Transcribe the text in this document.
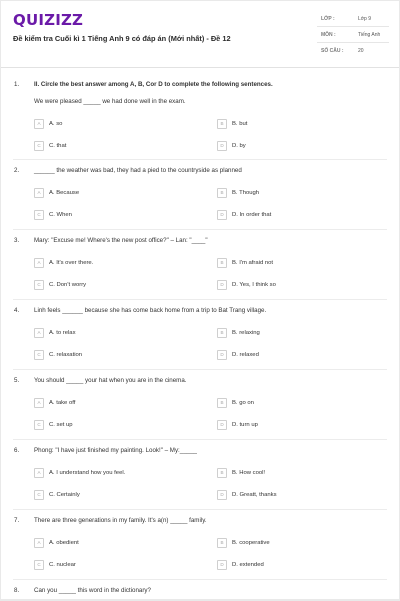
QUIZIZZ
Đề kiểm tra Cuối kì 1 Tiếng Anh 9 có đáp án (Mới nhất) - Đề 12
LỚP :	Lớp 9
MÔN :	Tiếng Anh
SỐ CÂU :	20
1. II. Circle the best answer among A, B, Cor D to complete the following sentences.
We were pleased _____ we had done well in the exam.
A A. so	B B. but
C C. that	D D. by
2. ______ the weather was bad, they had a pied to the countryside as planned
A A. Because	B B. Though
C C. When	D D. In order that
3. Mary: "Excuse me! Where's the new post office?" – Lan: "____"
A A. It's over there.	B B. I'm afraid not
C C. Don't worry	D D. Yes, I think so
4. Linh feels ______ because she has come back home from a trip to Bat Trang village.
A A. to relax	B B. relaxing
C C. relaxation	D D. relaxed
5. You should _____ your hat when you are in the cinema.
A A. take off	B B. go on
C C. set up	D D. turn up
6. Phong: "I have just finished my painting. Look!" – My:_____
A A. I understand how you feel.	B B. How cool!
C C. Certainly	D D. Greatt, thanks
7. There are three generations in my family. It's a(n) _____ family.
A A. obedient	B B. cooperative
C C. nuclear	D D. extended
8. Can you _____ this word in the dictionary?
